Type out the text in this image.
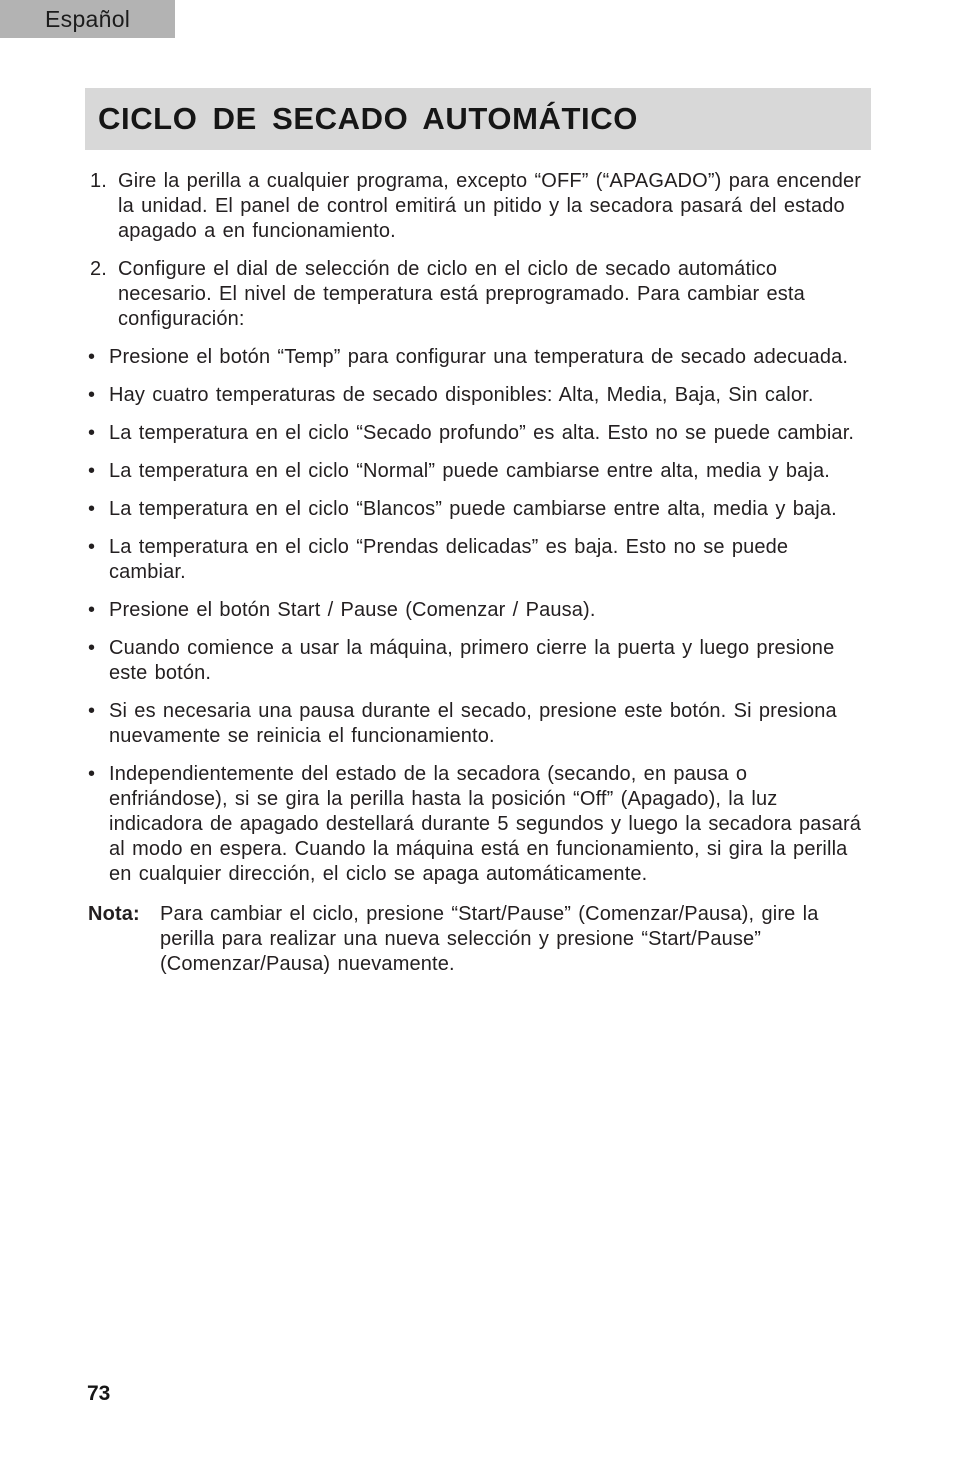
Español
CICLO DE SECADO AUTOMÁTICO
1. Gire la perilla a cualquier programa, excepto “OFF” (“APAGADO”) para encender la unidad. El panel de control emitirá un pitido y la secadora pasará del estado apagado a en funcionamiento.
2. Configure el dial de selección de ciclo en el ciclo de secado automático necesario. El nivel de temperatura está preprogramado. Para cambiar esta configuración:
• Presione el botón “Temp” para configurar una temperatura de secado adecuada.
• Hay cuatro temperaturas de secado disponibles: Alta, Media, Baja, Sin calor.
• La temperatura en el ciclo “Secado profundo” es alta. Esto no se puede cambiar.
• La temperatura en el ciclo “Normal” puede cambiarse entre alta, media y baja.
• La temperatura en el ciclo “Blancos” puede cambiarse entre alta, media y baja.
• La temperatura en el ciclo “Prendas delicadas” es baja. Esto no se puede cambiar.
• Presione el botón Start / Pause (Comenzar / Pausa).
• Cuando comience a usar la máquina, primero cierre la puerta y luego presione este botón.
• Si es necesaria una pausa durante el secado, presione este botón. Si presiona nuevamente se reinicia el funcionamiento.
• Independientemente del estado de la secadora (secando, en pausa o enfriándose), si se gira la perilla hasta la posición “Off” (Apagado), la luz indicadora de apagado destellará durante 5 segundos y luego la secadora pasará al modo en espera. Cuando la máquina está en funcionamiento, si gira la perilla en cualquier dirección, el ciclo se apaga automáticamente.
Nota:	Para cambiar el ciclo, presione “Start/Pause” (Comenzar/Pausa), gire la perilla para realizar una nueva selección y presione “Start/Pause” (Comenzar/Pausa) nuevamente.
73
